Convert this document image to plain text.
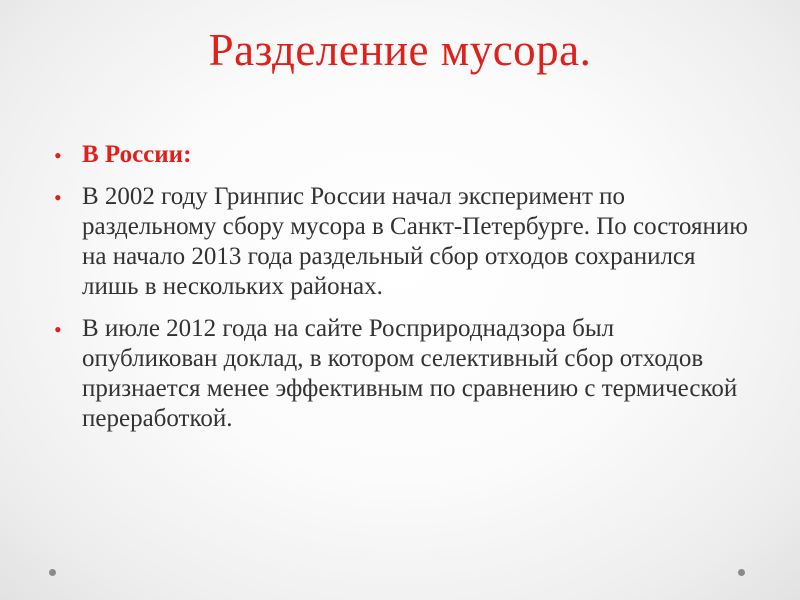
Разделение мусора.
• В России:
• В 2002 году Гринпис России начал эксперимент по раздельному сбору мусора в Санкт-Петербурге. По состоянию на начало 2013 года раздельный сбор отходов сохранился лишь в нескольких районах.
• В июле 2012 года на сайте Росприроднадзора был опубликован доклад, в котором селективный сбор отходов признается менее эффективным по сравнению с термической переработкой.
